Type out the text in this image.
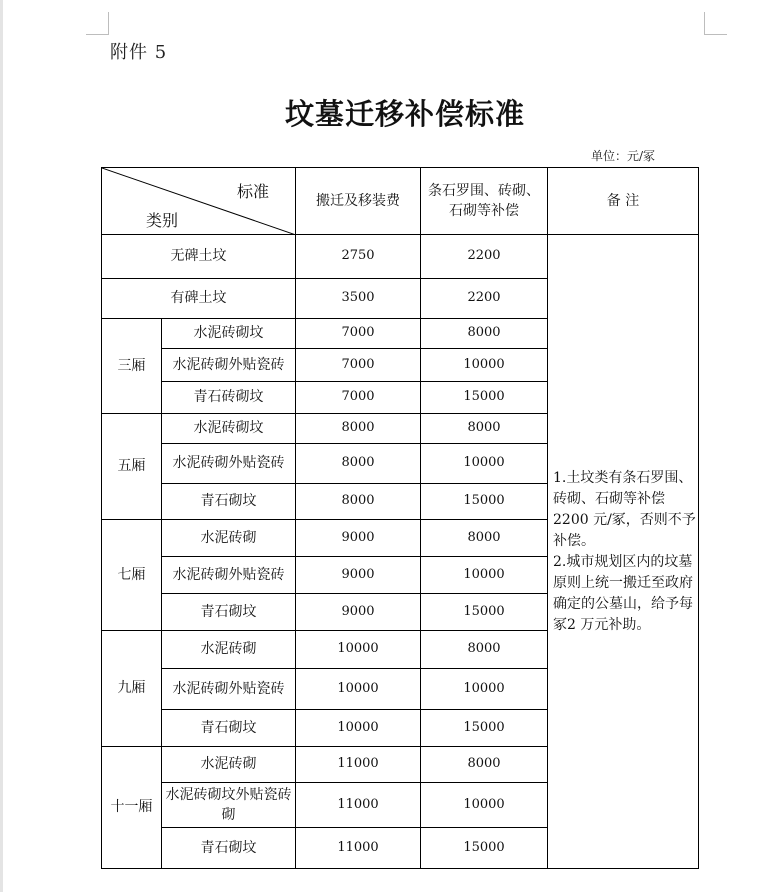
附件 5
坟墓迁移补偿标准
单位：元/冢
标准
类别		搬迁及移装费	条石罗围、砖砌、石砌等补偿	备 注
无碑土坟		2750	2200	1.土坟类有条石罗围、砖砌、石砌等补偿2200 元/冢，否则不予补偿。

2.城市规划区内的坟墓原则上统一搬迁至政府确定的公墓山，给予每冢2 万元补助。

有碑土坟		3500	2200	
三厢	水泥砖砌坟	7000	8000	
	水泥砖砌外贴瓷砖	7000	10000	
	青石砖砌坟	7000	15000	
五厢	水泥砖砌坟	8000	8000	
	水泥砖砌外贴瓷砖	8000	10000	
	青石砌坟	8000	15000	
七厢	水泥砖砌	9000	8000	
	水泥砖砌外贴瓷砖	9000	10000	
	青石砌坟	9000	15000	
九厢	水泥砖砌	10000	8000	
	水泥砖砌外贴瓷砖	10000	10000	
	青石砌坟	10000	15000	
十一厢	水泥砖砌	11000	8000	
	水泥砖砌坟外贴瓷砖砌	11000	10000	
	青石砌坟	11000	15000	
